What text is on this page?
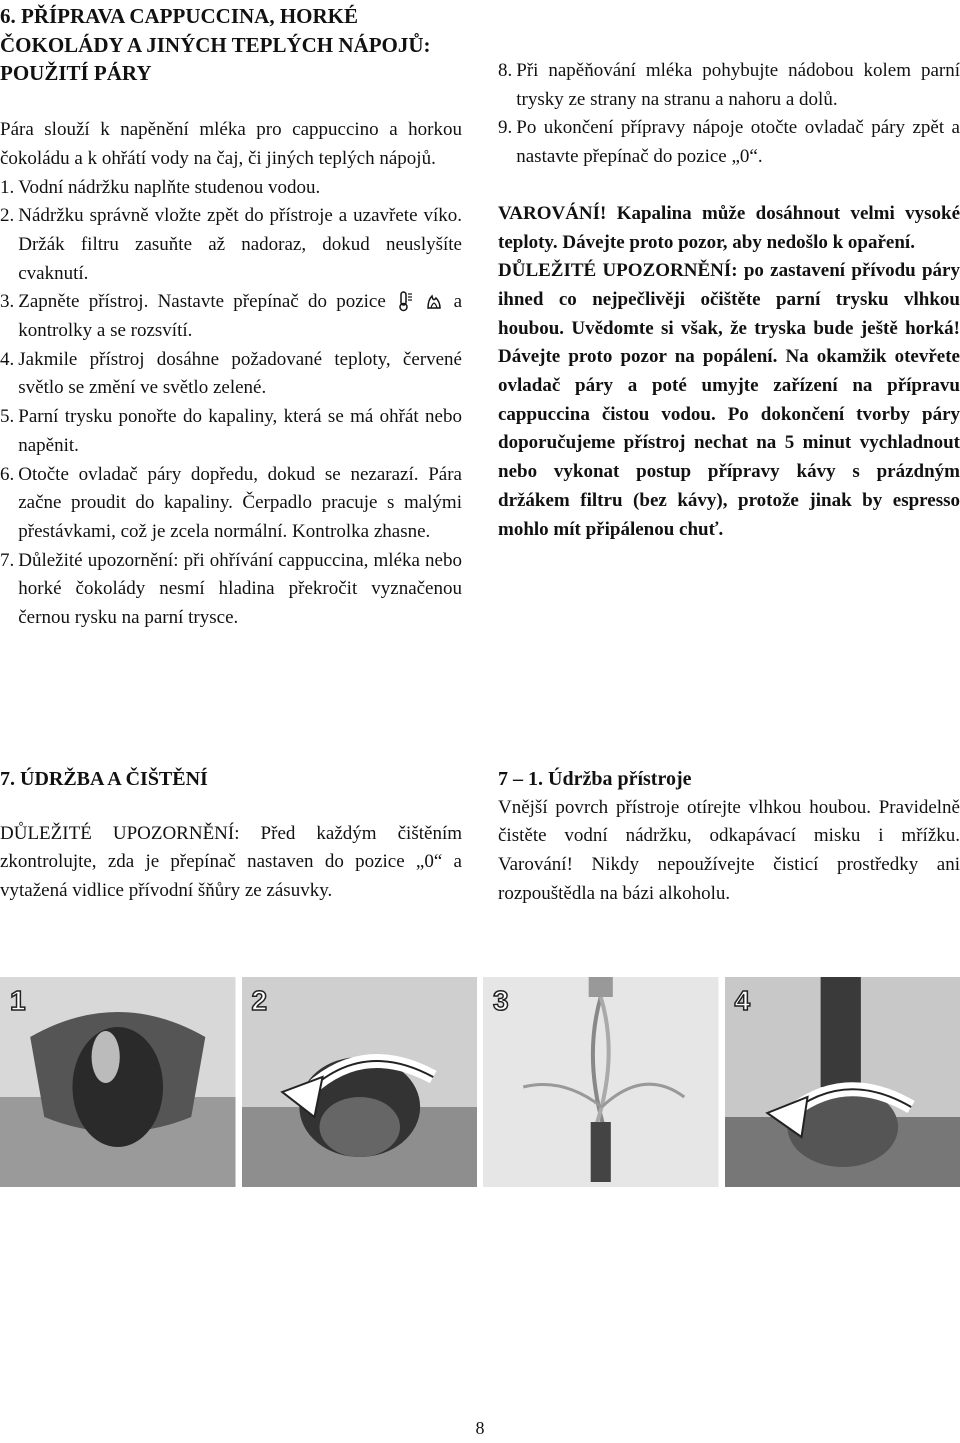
6. PŘÍPRAVA CAPPUCCINA, HORKÉ ČOKOLÁDY A JINÝCH TEPLÝCH NÁPOJŮ: POUŽITÍ PÁRY

Pára slouží k napěnění mléka pro cappuccino a horkou čokoládu a k ohřátí vody na čaj, či jiných teplých nápojů.

1. Vodní nádržku naplňte studenou vodou.
2. Nádržku správně vložte zpět do přístroje a uzavřete víko. Držák filtru zasuňte až nadoraz, dokud neuslyšíte cvaknutí.
3. Zapněte přístroj. Nastavte přepínač do pozice	a kontrolky a se rozsvítí.
4. Jakmile přístroj dosáhne požadované teploty, červené světlo se změní ve světlo zelené.
5. Parní trysku ponořte do kapaliny, která se má ohřát nebo napěnit.
6. Otočte ovladač páry dopředu, dokud se nezarazí. Pára začne proudit do kapaliny. Čerpadlo pracuje s malými přestávkami, což je zcela normální. Kontrolka zhasne.
7. Důležité upozornění: při ohřívání cappuccina, mléka nebo horké čokolády nesmí hladina překročit vyznačenou černou rysku na parní trysce.
8. Při napěňování mléka pohybujte nádobou kolem parní trysky ze strany na stranu a nahoru a dolů.
9. Po ukončení přípravy nápoje otočte ovladač páry zpět a nastavte přepínač do pozice „0“.

VAROVÁNÍ! Kapalina může dosáhnout velmi vysoké teploty. Dávejte proto pozor, aby nedošlo k opaření.

DŮLEŽITÉ UPOZORNĚNÍ: po zastavení přívodu páry ihned co nejpečlivěji očištěte parní trysku vlhkou houbou. Uvědomte si však, že tryska bude ještě horká! Dávejte proto pozor na popálení. Na okamžik otevřete ovladač páry a poté umyjte zařízení na přípravu cappuccina čistou vodou. Po dokončení tvorby páry doporučujeme přístroj nechat na 5 minut vychladnout nebo vykonat postup přípravy kávy s prázdným držákem filtru (bez kávy), protože jinak by espresso mohlo mít připálenou chuť.

7. ÚDRŽBA A ČIŠTĚNÍ

DŮLEŽITÉ UPOZORNĚNÍ: Před každým čištěním zkontrolujte, zda je přepínač nastaven do pozice „0“ a vytažená vidlice přívodní šňůry ze zásuvky.

7 – 1. Údržba přístroje

Vnější povrch přístroje otírejte vlhkou houbou. Pravidelně čistěte vodní nádržku, odkapávací misku i mřížku. Varování! Nikdy nepoužívejte čisticí prostředky ani rozpouštědla na bázi alkoholu.

1	2	3	4
8
